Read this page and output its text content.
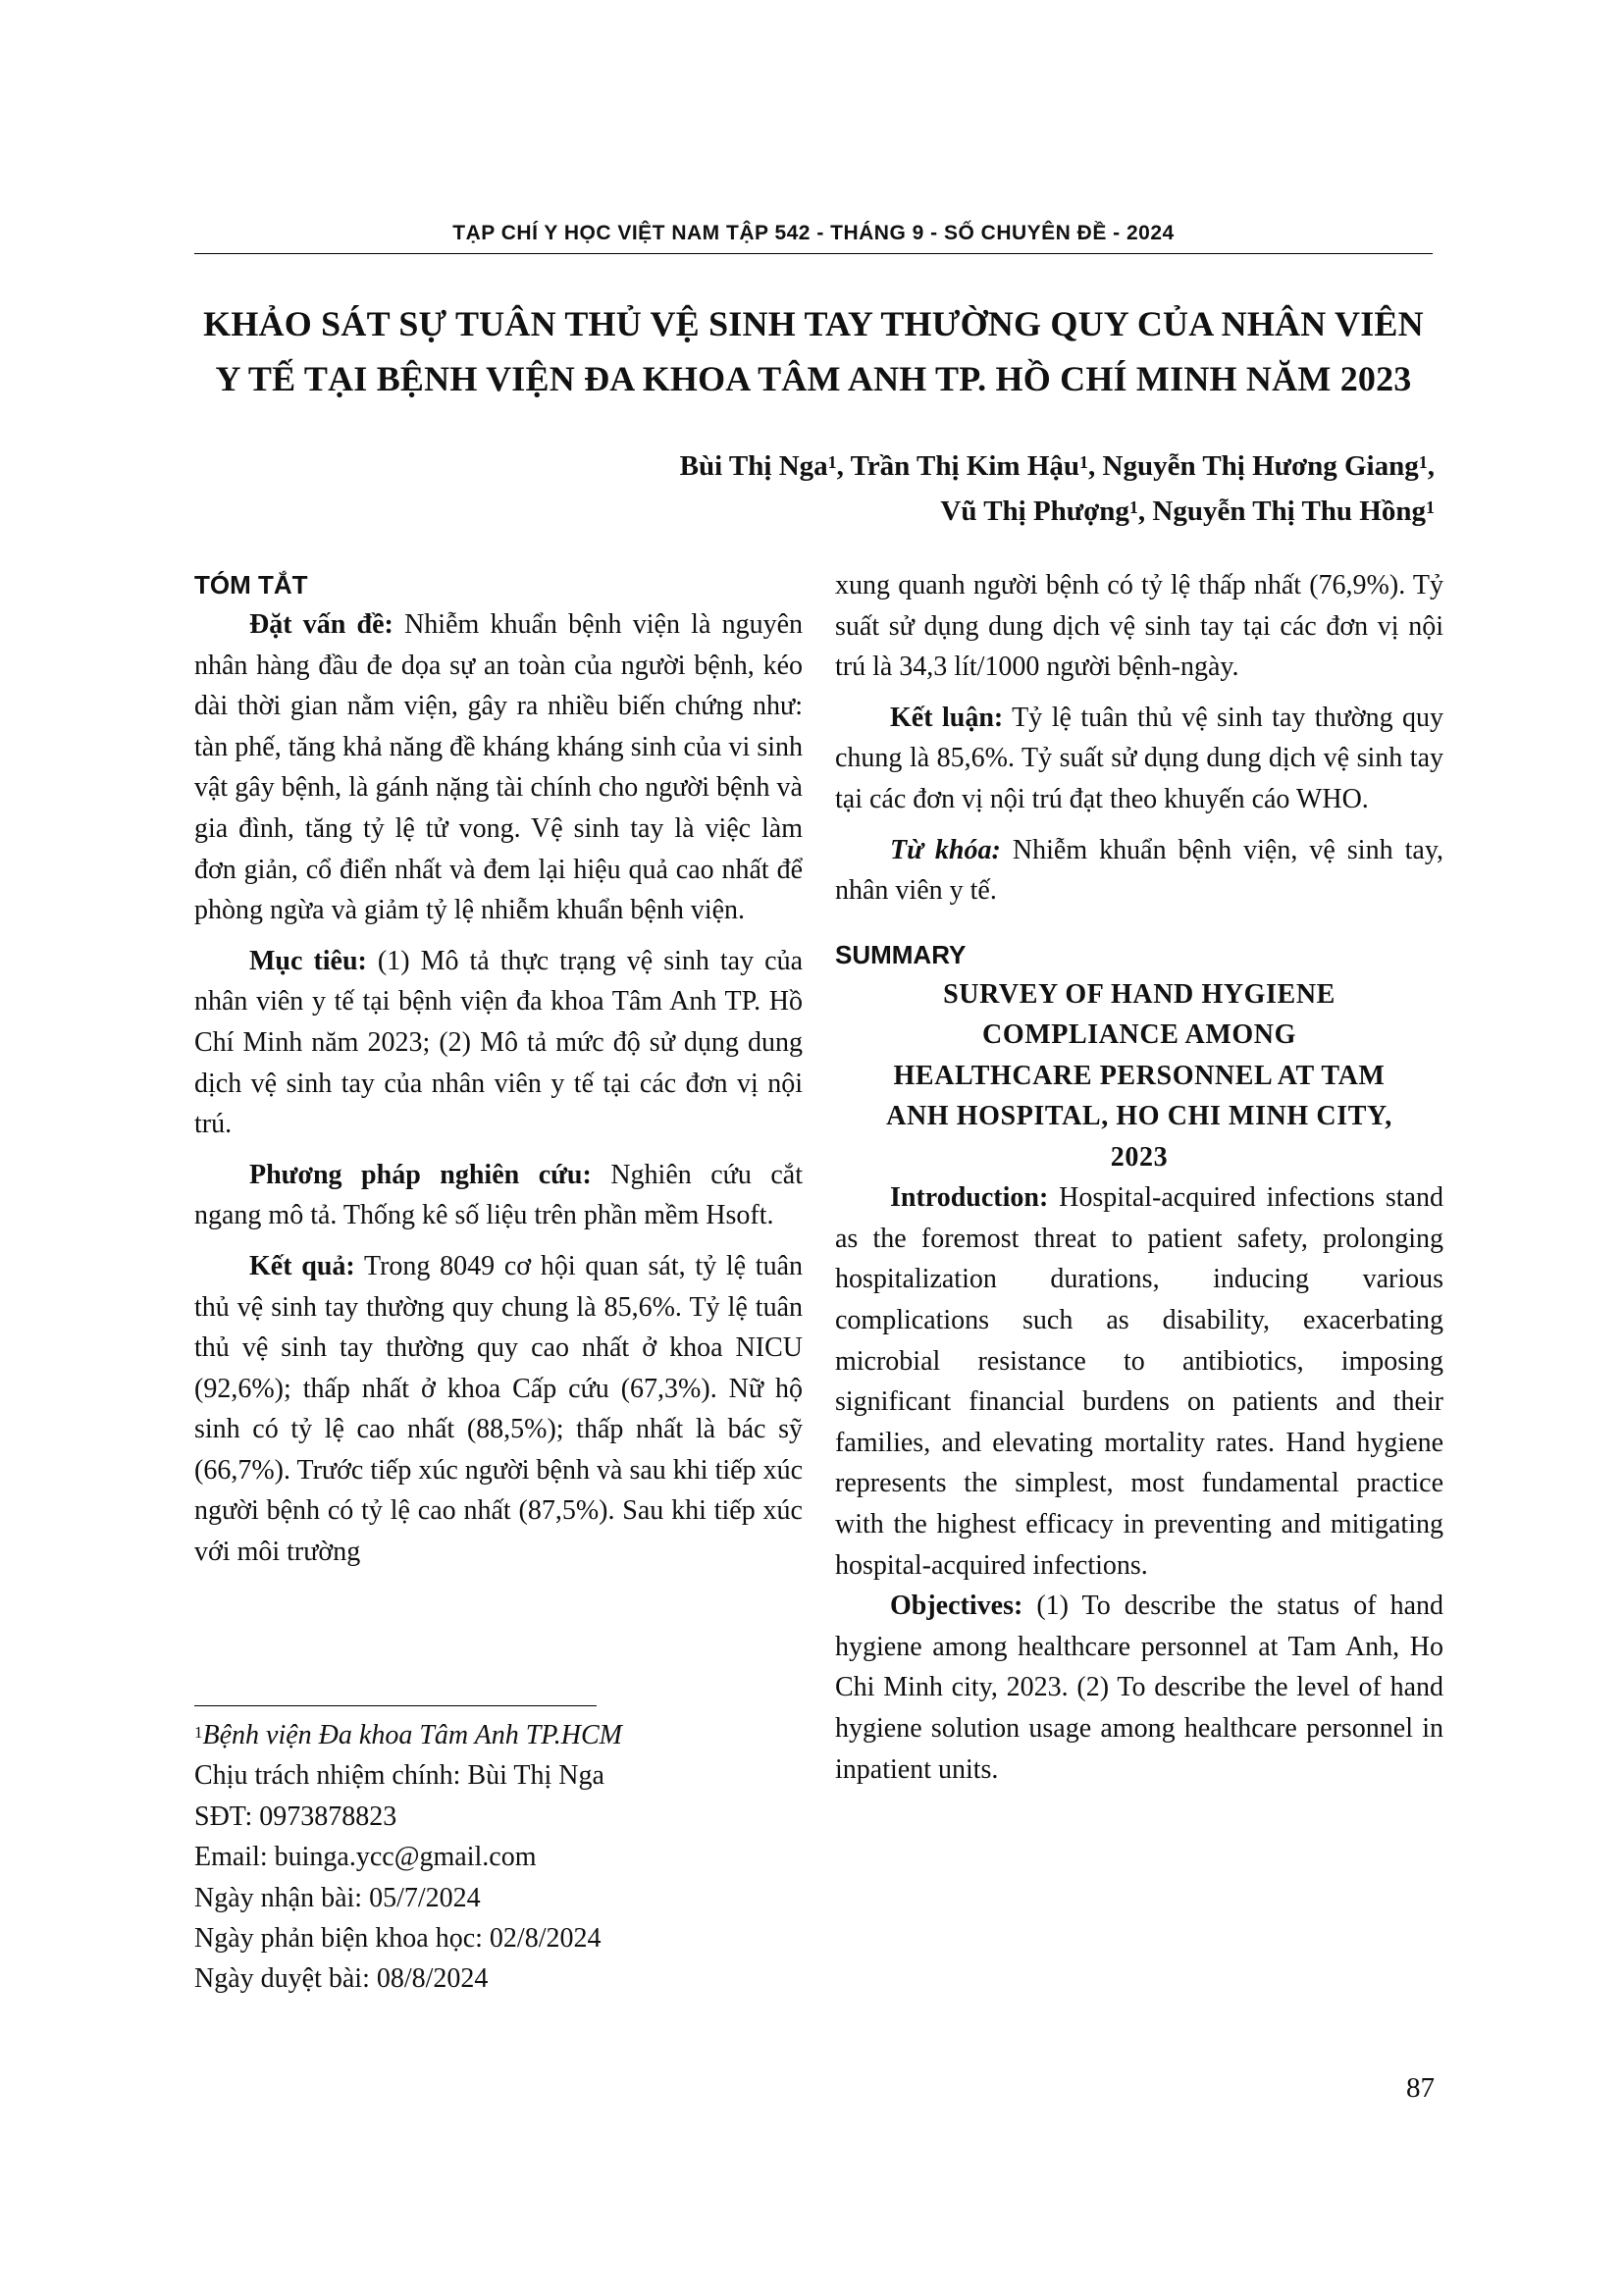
TẠP CHÍ Y HỌC VIỆT NAM TẬP 542 - THÁNG 9 - SỐ CHUYÊN ĐỀ - 2024
KHẢO SÁT SỰ TUÂN THỦ VỆ SINH TAY THƯỜNG QUY CỦA NHÂN VIÊN
Y TẾ TẠI BỆNH VIỆN ĐA KHOA TÂM ANH TP. HỒ CHÍ MINH NĂM 2023
Bùi Thị Nga$^1$, Trần Thị Kim Hậu$^1$, Nguyễn Thị Hương Giang$^1$,
Vũ Thị Phượng$^1$, Nguyễn Thị Thu Hồng$^1$
TÓM TẮT

Đặt vấn đề: Nhiễm khuẩn bệnh viện là nguyên nhân hàng đầu đe dọa sự an toàn của người bệnh, kéo dài thời gian nằm viện, gây ra nhiều biến chứng như: tàn phế, tăng khả năng đề kháng kháng sinh của vi sinh vật gây bệnh, là gánh nặng tài chính cho người bệnh và gia đình, tăng tỷ lệ tử vong. Vệ sinh tay là việc làm đơn giản, cổ điển nhất và đem lại hiệu quả cao nhất để phòng ngừa và giảm tỷ lệ nhiễm khuẩn bệnh viện.

Mục tiêu: (1) Mô tả thực trạng vệ sinh tay của nhân viên y tế tại bệnh viện đa khoa Tâm Anh TP. Hồ Chí Minh năm 2023; (2) Mô tả mức độ sử dụng dung dịch vệ sinh tay của nhân viên y tế tại các đơn vị nội trú.

Phương pháp nghiên cứu: Nghiên cứu cắt ngang mô tả. Thống kê số liệu trên phần mềm Hsoft.

Kết quả: Trong 8049 cơ hội quan sát, tỷ lệ tuân thủ vệ sinh tay thường quy chung là 85,6%. Tỷ lệ tuân thủ vệ sinh tay thường quy cao nhất ở khoa NICU (92,6%); thấp nhất ở khoa Cấp cứu (67,3%). Nữ hộ sinh có tỷ lệ cao nhất (88,5%); thấp nhất là bác sỹ (66,7%). Trước tiếp xúc người bệnh và sau khi tiếp xúc người bệnh có tỷ lệ cao nhất (87,5%). Sau khi tiếp xúc với môi trường

$^1$Bệnh viện Đa khoa Tâm Anh TP.HCM
Chịu trách nhiệm chính: Bùi Thị Nga
SĐT: 0973878823
Email: buinga.ycc@gmail.com
Ngày nhận bài: 05/7/2024
Ngày phản biện khoa học: 02/8/2024
Ngày duyệt bài: 08/8/2024

xung quanh người bệnh có tỷ lệ thấp nhất (76,9%). Tỷ suất sử dụng dung dịch vệ sinh tay tại các đơn vị nội trú là 34,3 lít/1000 người bệnh-ngày.

Kết luận: Tỷ lệ tuân thủ vệ sinh tay thường quy chung là 85,6%. Tỷ suất sử dụng dung dịch vệ sinh tay tại các đơn vị nội trú đạt theo khuyến cáo WHO.

Từ khóa: Nhiễm khuẩn bệnh viện, vệ sinh tay, nhân viên y tế.

SUMMARY
SURVEY OF HAND HYGIENE
COMPLIANCE AMONG
HEALTHCARE PERSONNEL AT TAM
ANH HOSPITAL, HO CHI MINH CITY,
2023

Introduction: Hospital-acquired infections stand as the foremost threat to patient safety, prolonging hospitalization durations, inducing various complications such as disability, exacerbating microbial resistance to antibiotics, imposing significant financial burdens on patients and their families, and elevating mortality rates. Hand hygiene represents the simplest, most fundamental practice with the highest efficacy in preventing and mitigating hospital-acquired infections.

Objectives: (1) To describe the status of hand hygiene among healthcare personnel at Tam Anh, Ho Chi Minh city, 2023. (2) To describe the level of hand hygiene solution usage among healthcare personnel in inpatient units.

87
